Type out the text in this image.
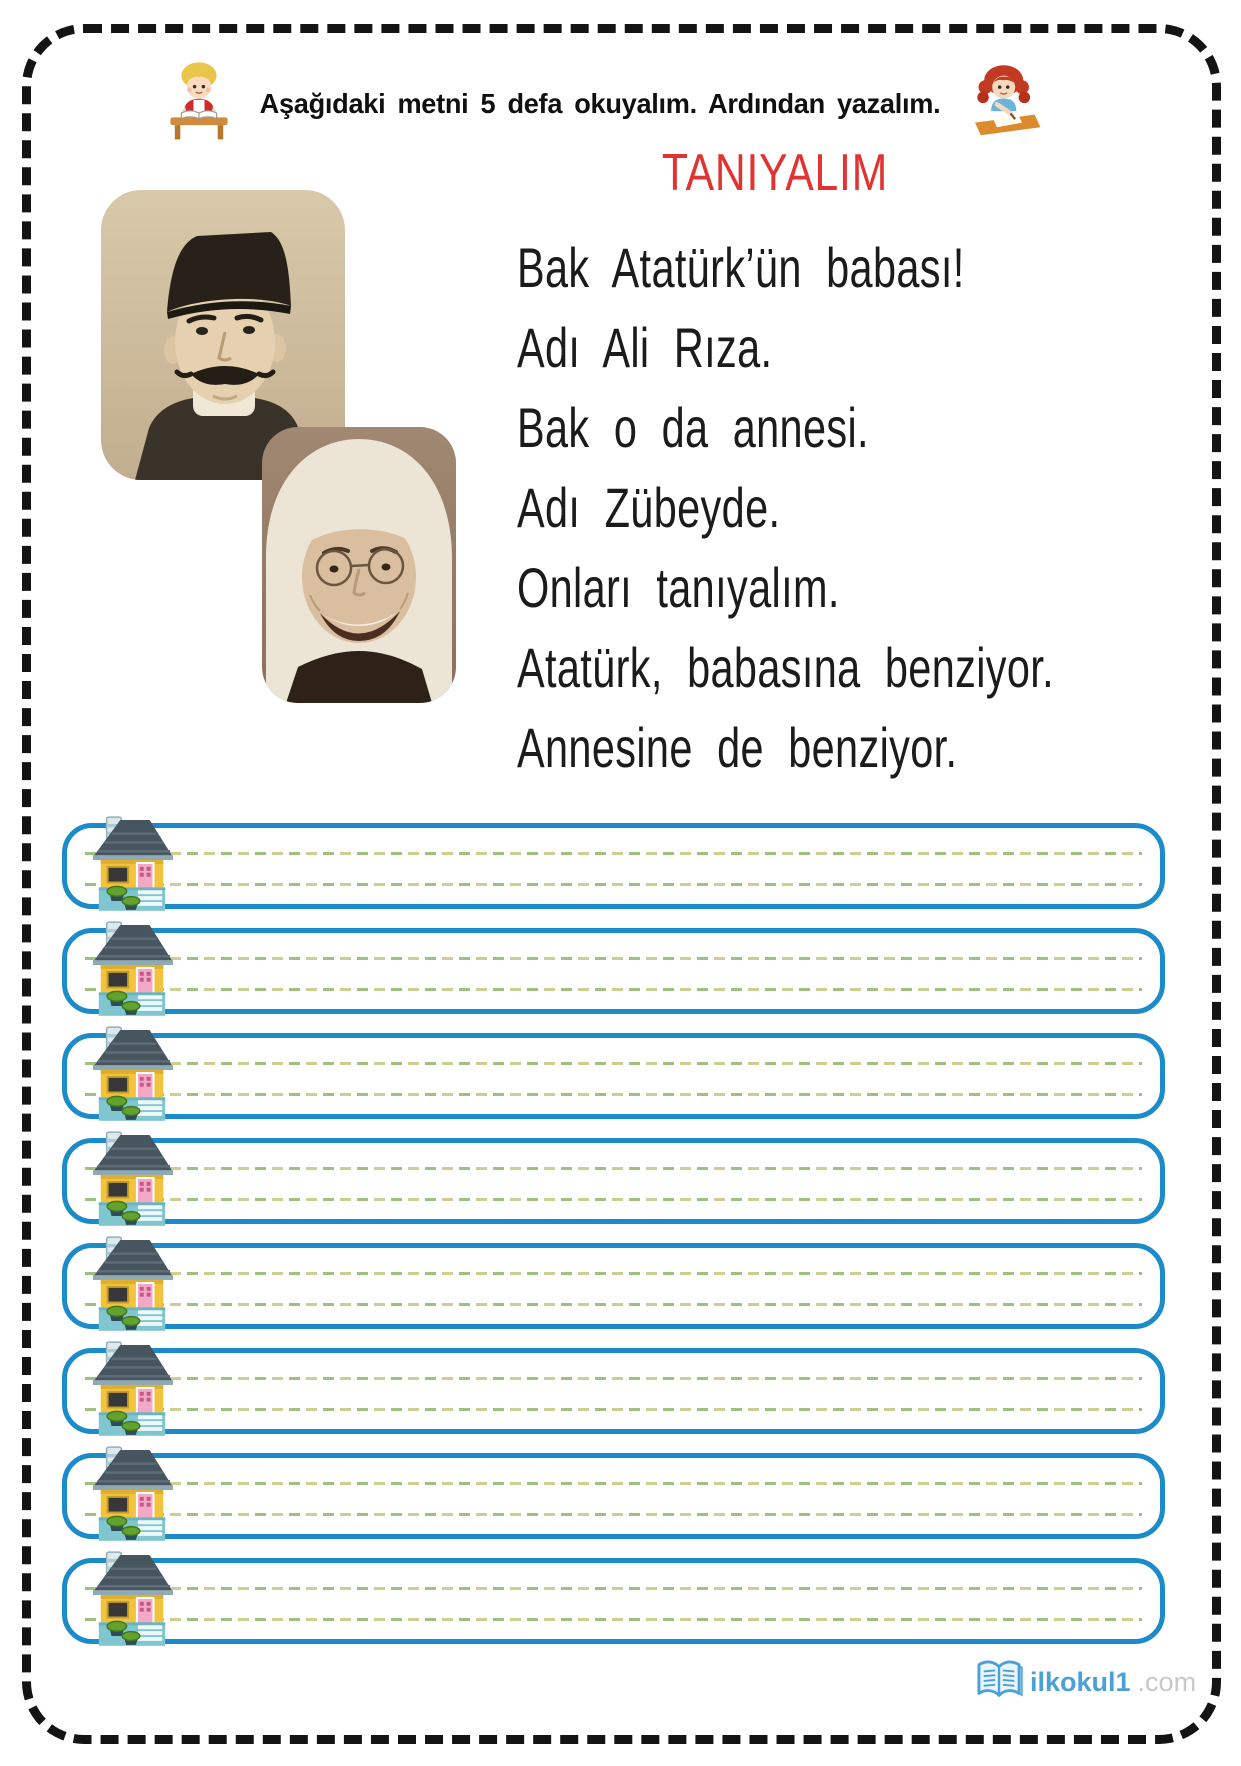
Aşağıdaki metni 5 defa okuyalım. Ardından yazalım.
TANIYALIM
Bak Atatürk’ün babası!
Adı Ali Rıza.
Bak o da annesi.
Adı Zübeyde.
Onları tanıyalım.
Atatürk, babasına benziyor.
Annesine de benziyor.
ilkokul1 .com
